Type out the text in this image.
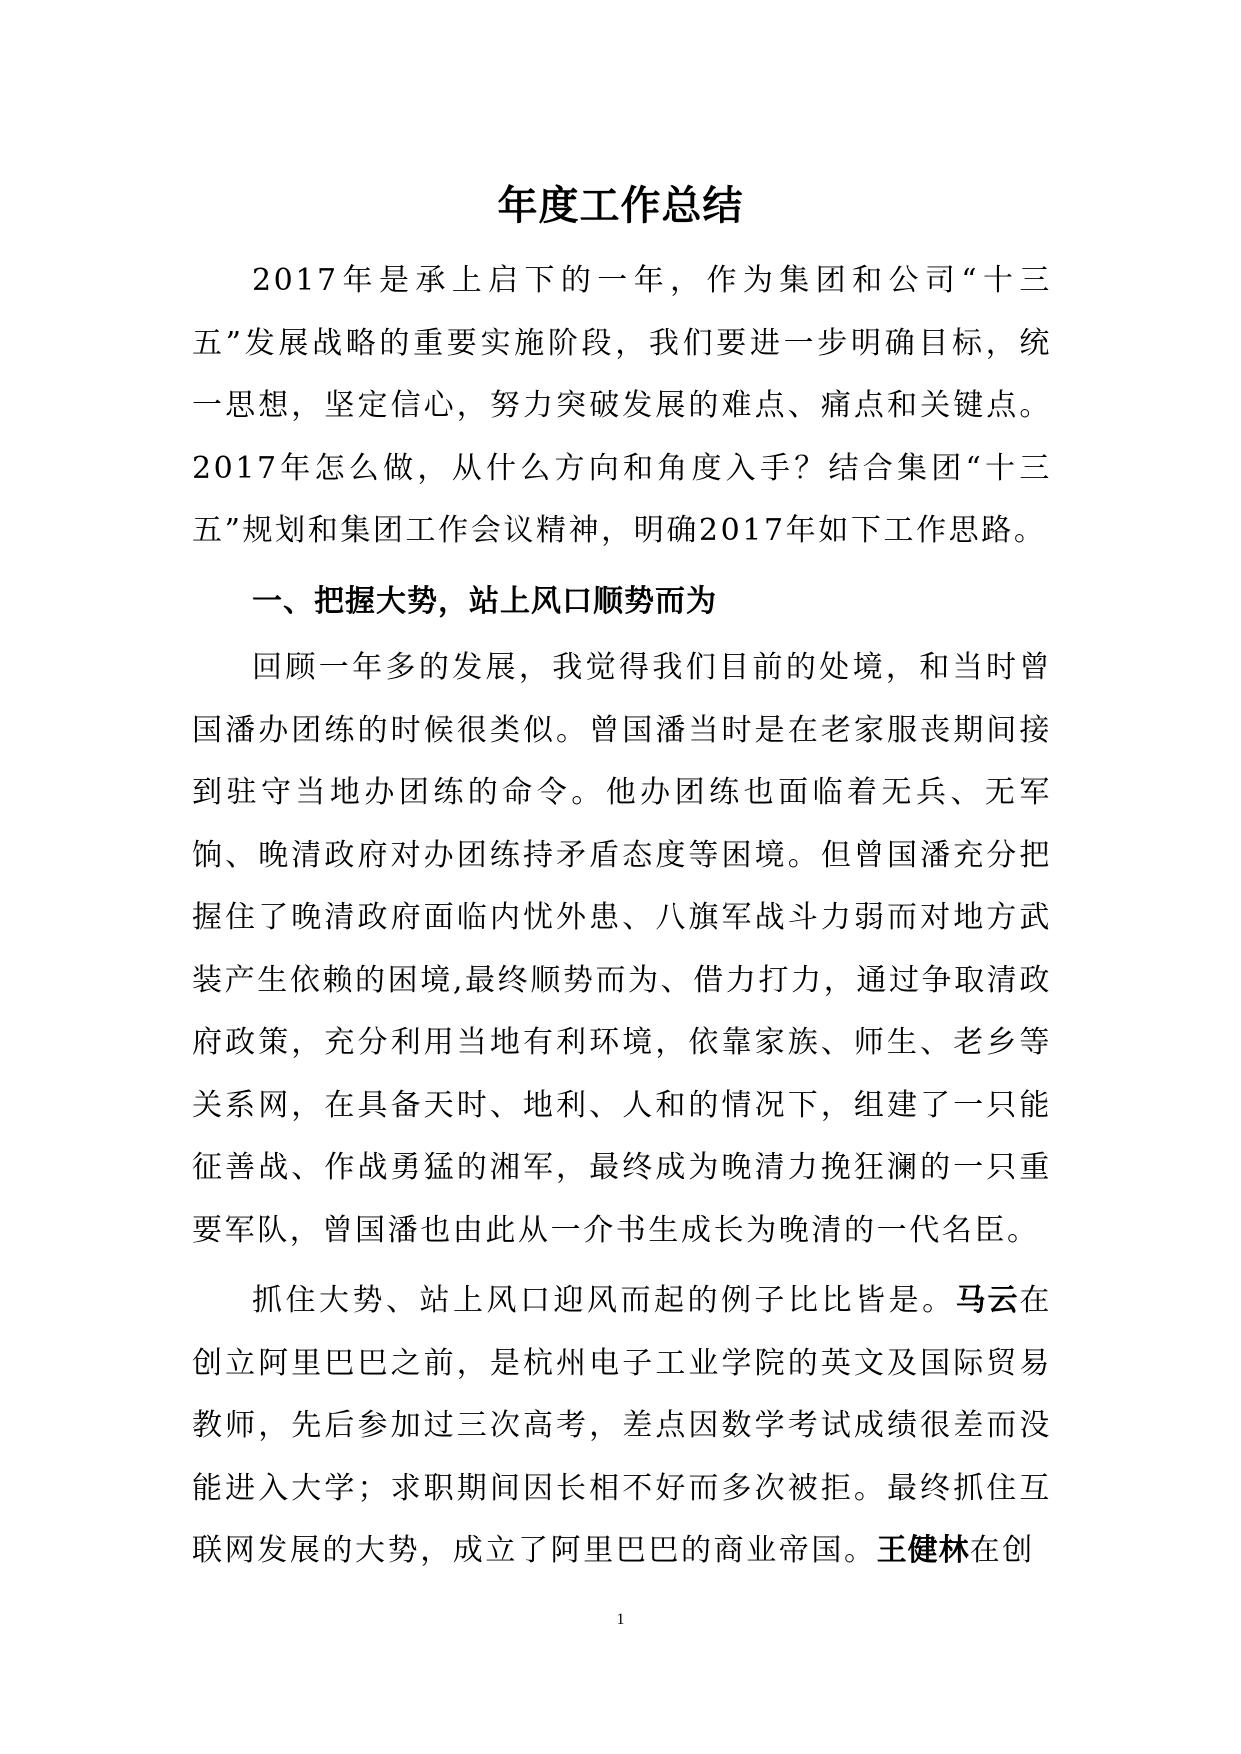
年度工作总结

2017年是承上启下的一年，作为集团和公司“十三五”发展战略的重要实施阶段，我们要进一步明确目标，统一思想，坚定信心，努力突破发展的难点、痛点和关键点。2017年怎么做，从什么方向和角度入手？结合集团“十三五”规划和集团工作会议精神，明确2017年如下工作思路。

一、把握大势，站上风口顺势而为

回顾一年多的发展，我觉得我们目前的处境，和当时曾国潘办团练的时候很类似。曾国潘当时是在老家服丧期间接到驻守当地办团练的命令。他办团练也面临着无兵、无军饷、晚清政府对办团练持矛盾态度等困境。但曾国潘充分把握住了晚清政府面临内忧外患、八旗军战斗力弱而对地方武装产生依赖的困境,最终顺势而为、借力打力，通过争取清政府政策，充分利用当地有利环境，依靠家族、师生、老乡等关系网，在具备天时、地利、人和的情况下，组建了一只能征善战、作战勇猛的湘军，最终成为晚清力挽狂澜的一只重要军队，曾国潘也由此从一介书生成长为晚清的一代名臣。

抓住大势、站上风口迎风而起的例子比比皆是。马云在创立阿里巴巴之前，是杭州电子工业学院的英文及国际贸易教师，先后参加过三次高考，差点因数学考试成绩很差而没能进入大学；求职期间因长相不好而多次被拒。最终抓住互联网发展的大势，成立了阿里巴巴的商业帝国。王健林在创

1
